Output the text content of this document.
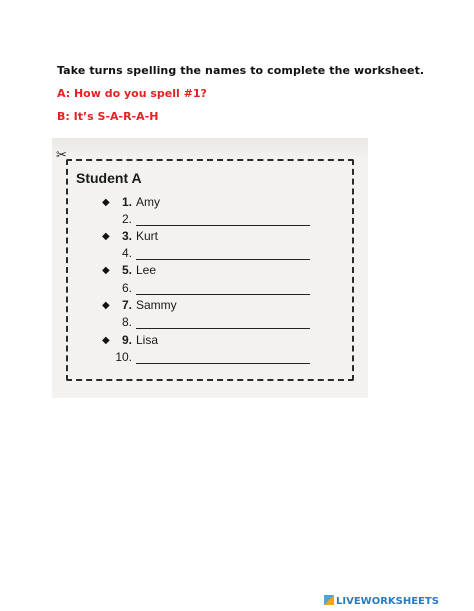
Take turns spelling the names to complete the worksheet.
A: How do you spell #1?
B: It’s S-A-R-A-H
✂
Student A
◆	1. Amy
2.
◆	3. Kurt
4.
◆	5. Lee
6.
◆	7. Sammy
8.
◆	9. Lisa
10.
LIVEWORKSHEETS
